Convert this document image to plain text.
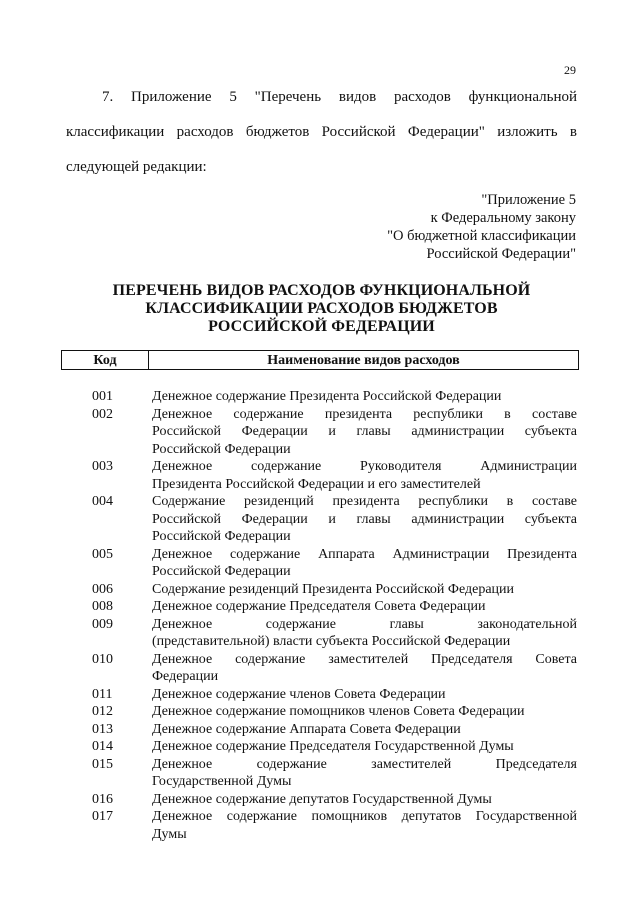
29
7. Приложение 5 "Перечень видов расходов функциональной
классификации расходов бюджетов Российской Федерации" изложить в
следующей редакции:
"Приложение 5
к Федеральному закону
"О бюджетной классификации
Российской Федерации"
ПЕРЕЧЕНЬ ВИДОВ РАСХОДОВ ФУНКЦИОНАЛЬНОЙ
КЛАССИФИКАЦИИ РАСХОДОВ БЮДЖЕТОВ
РОССИЙСКОЙ ФЕДЕРАЦИИ
Код	Наименование видов расходов
001	Денежное содержание Президента Российской Федерации
002	Денежное содержание президента республики в составе
Российской Федерации и главы администрации субъекта
Российской Федерации
003	Денежное содержание Руководителя Администрации
Президента Российской Федерации и его заместителей
004	Содержание резиденций президента республики в составе
Российской Федерации и главы администрации субъекта
Российской Федерации
005	Денежное содержание Аппарата Администрации Президента
Российской Федерации
006	Содержание резиденций Президента Российской Федерации
008	Денежное содержание Председателя Совета Федерации
009	Денежное содержание главы законодательной
(представительной) власти субъекта Российской Федерации
010	Денежное содержание заместителей Председателя Совета
Федерации
011	Денежное содержание членов Совета Федерации
012	Денежное содержание помощников членов Совета Федерации
013	Денежное содержание Аппарата Совета Федерации
014	Денежное содержание Председателя Государственной Думы
015	Денежное содержание заместителей Председателя
Государственной Думы
016	Денежное содержание депутатов Государственной Думы
017	Денежное содержание помощников депутатов Государственной
Думы
